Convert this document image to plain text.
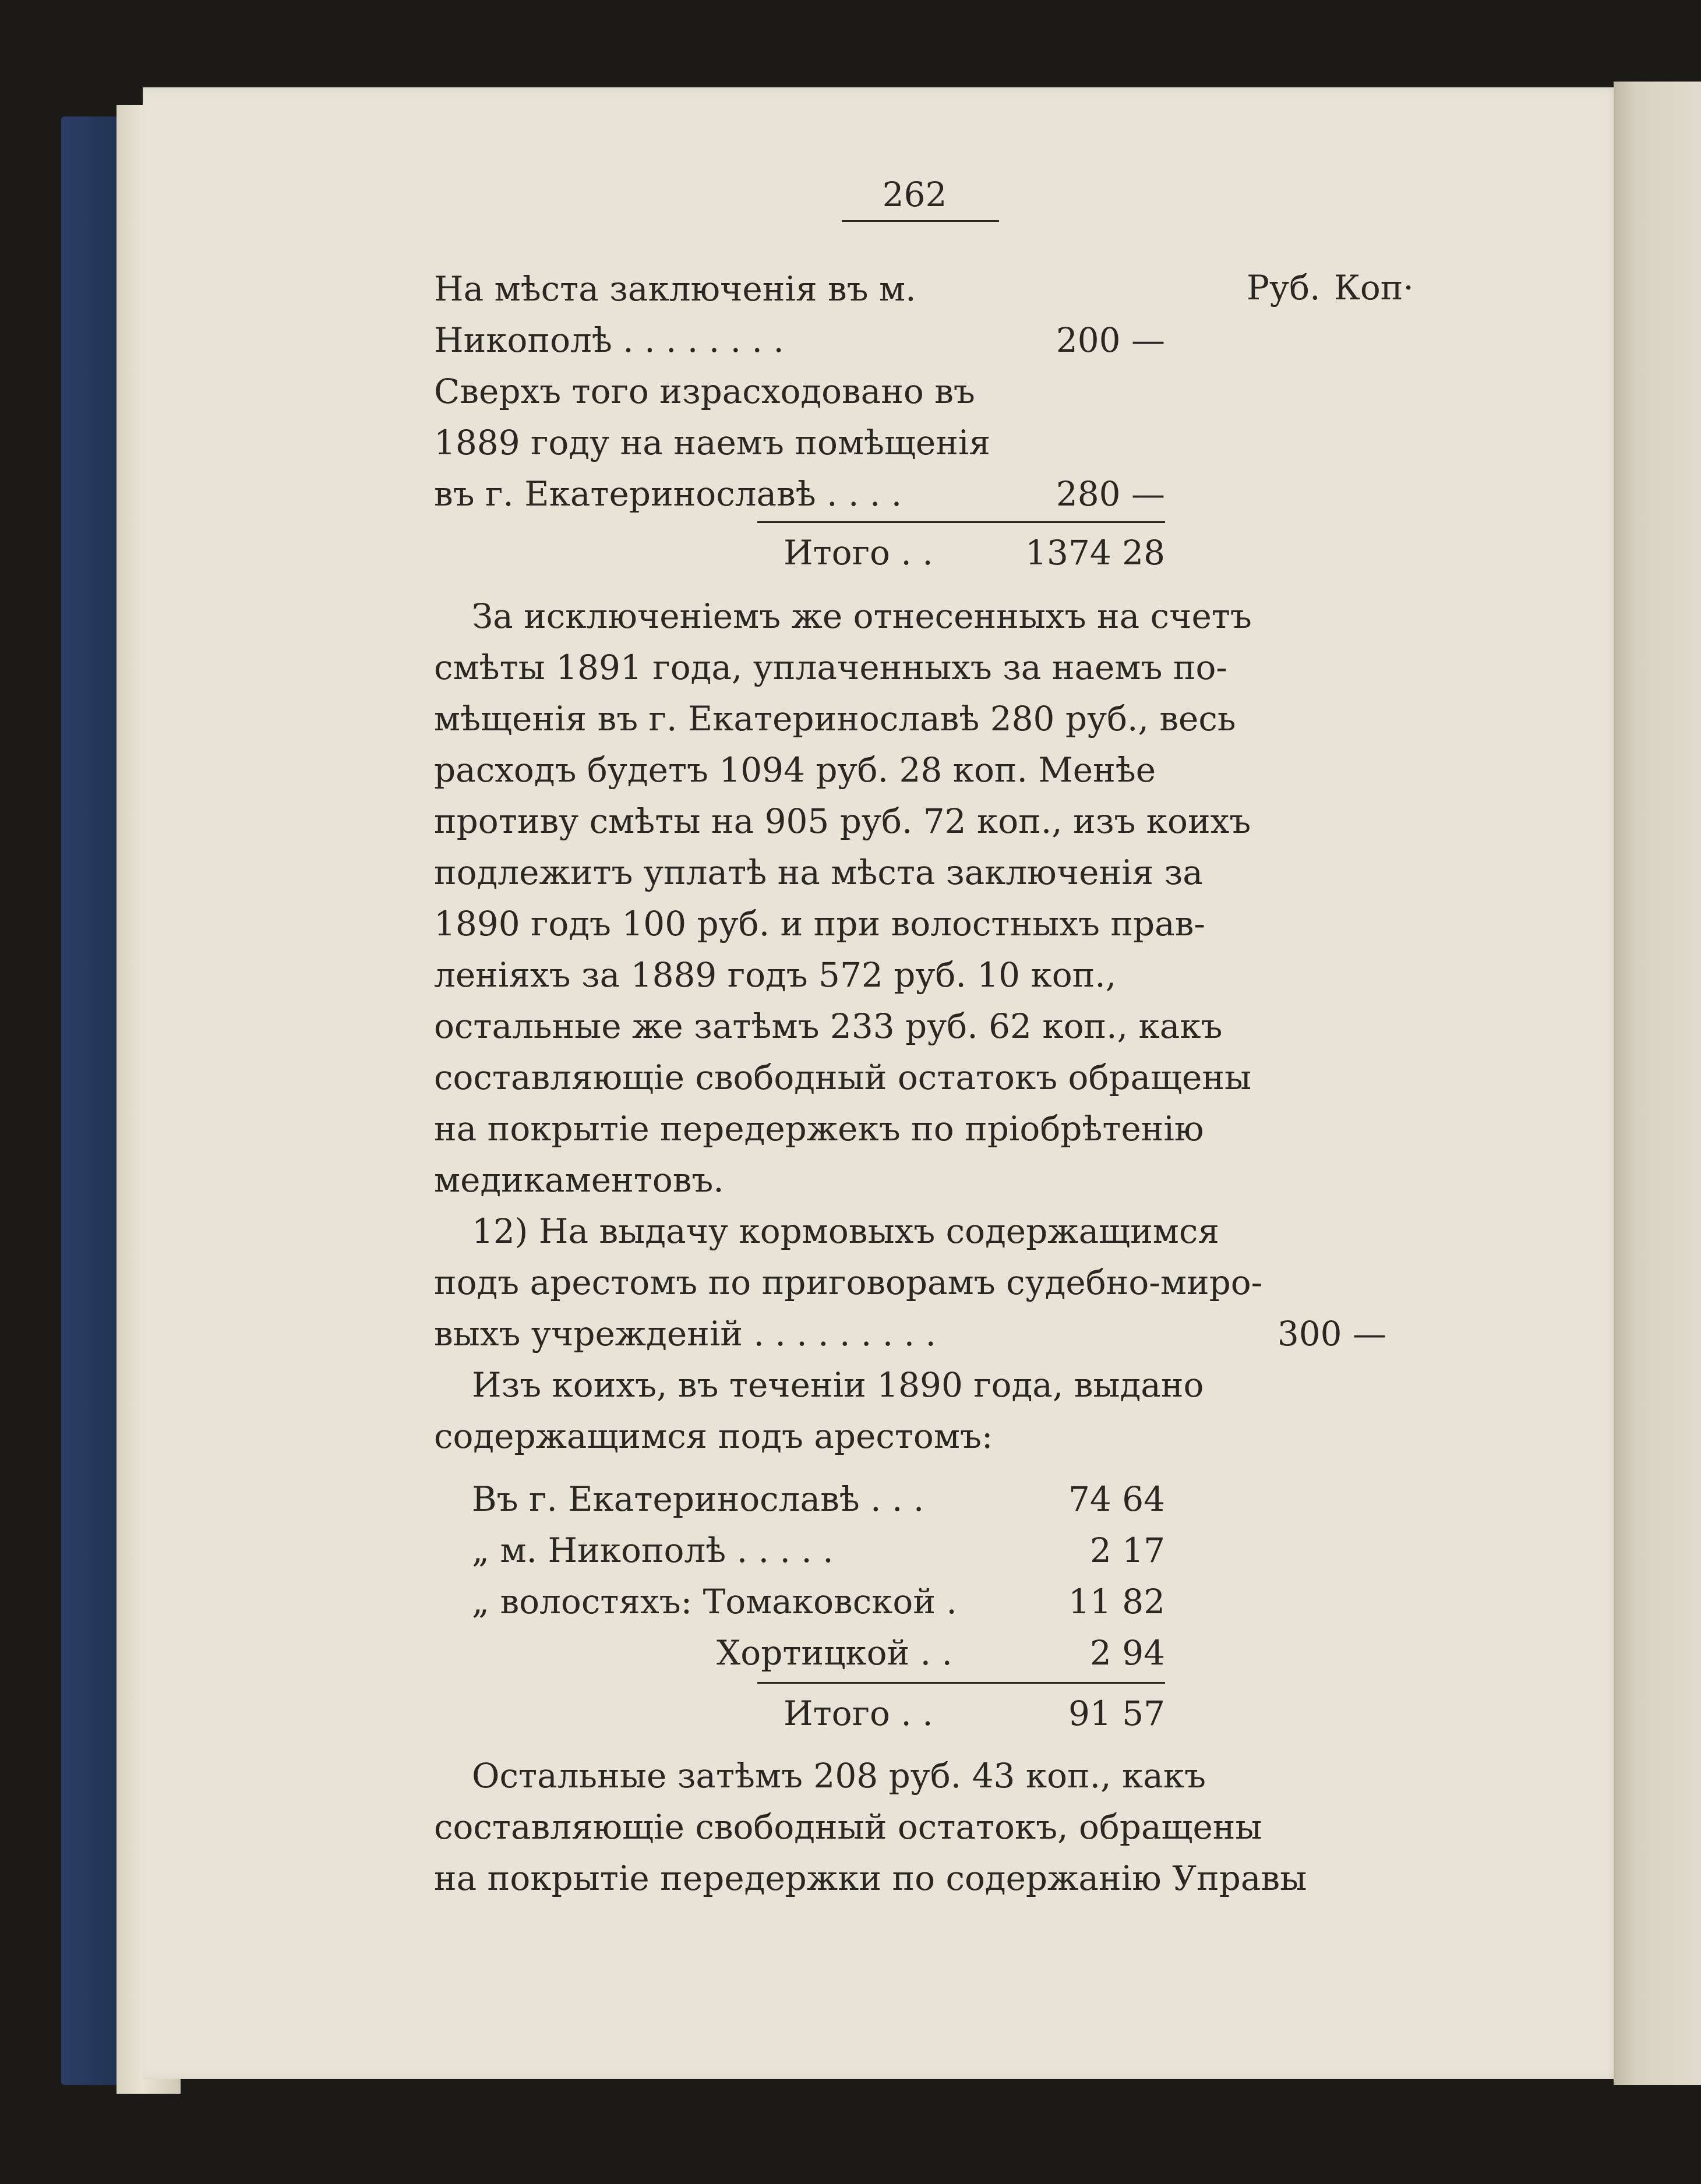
262
Руб. Коп·
На мѣста заключенія въ м.
Никополѣ . . . . . . . .	200 —
Сверхъ того израсходовано въ
1889 году на наемъ помѣщенія
въ г. Екатеринославѣ . . . .	280 —
Итого . .	1374 28
За исключеніемъ же отнесенныхъ на счетъ
смѣты 1891 года, уплаченныхъ за наемъ по-
мѣщенія въ г. Екатеринославѣ 280 руб., весь
расходъ будетъ 1094 руб. 28 коп. Менѣе
противу смѣты на 905 руб. 72 коп., изъ коихъ
подлежитъ уплатѣ на мѣста заключенія за
1890 годъ 100 руб. и при волостныхъ прав-
леніяхъ за 1889 годъ 572 руб. 10 коп.,
остальные же затѣмъ 233 руб. 62 коп., какъ
составляющіе свободный остатокъ обращены
на покрытіе передержекъ по пріобрѣтенію
медикаментовъ.
12) На выдачу кормовыхъ содержащимся
подъ арестомъ по приговорамъ судебно-миро-
выхъ учрежденій . . . . . . . . .	300 —
Изъ коихъ, въ теченіи 1890 года, выдано
содержащимся подъ арестомъ:
Въ г. Екатеринославѣ . . .	74 64
„ м. Никополѣ . . . . .	2 17
„ волостяхъ: Томаковской .	11 82
Хортицкой . .	2 94
Итого . .	91 57
Остальные затѣмъ 208 руб. 43 коп., какъ
составляющіе свободный остатокъ, обращены
на покрытіе передержки по содержанію Управы
